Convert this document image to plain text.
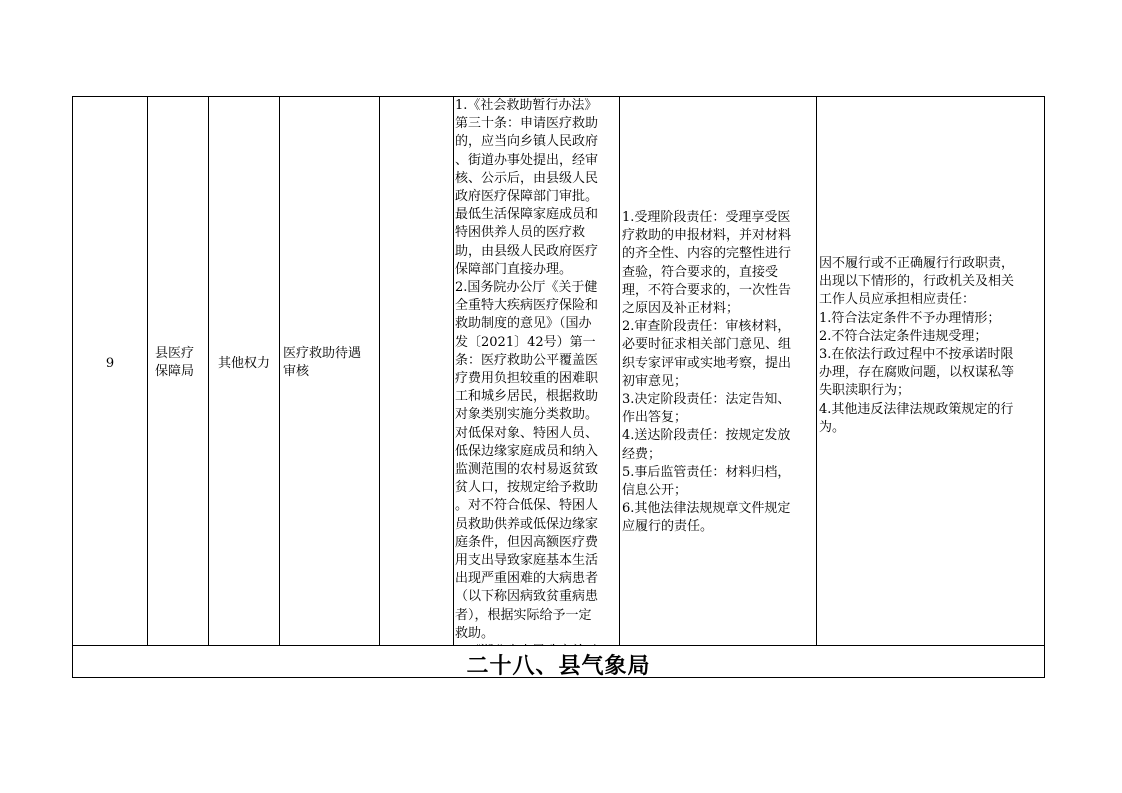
9
县医疗
保障局
其他权力
医疗救助待遇
审核
1.《社会救助暂行办法》
第三十条：申请医疗救助
的，应当向乡镇人民政府
、街道办事处提出，经审
核、公示后，由县级人民
政府医疗保障部门审批。
最低生活保障家庭成员和
特困供养人员的医疗救
助，由县级人民政府医疗
保障部门直接办理。
2.国务院办公厅《关于健
全重特大疾病医疗保险和
救助制度的意见》（国办
发〔2021〕42号）第一
条：医疗救助公平覆盖医
疗费用负担较重的困难职
工和城乡居民，根据救助
对象类别实施分类救助。
对低保对象、特困人员、
低保边缘家庭成员和纳入
监测范围的农村易返贫致
贫人口，按规定给予救助
。对不符合低保、特困人
员救助供养或低保边缘家
庭条件，但因高额医疗费
用支出导致家庭基本生活
出现严重困难的大病患者
（以下称因病致贫重病患
者），根据实际给予一定
救助。
1.受理阶段责任：受理享受医
疗救助的申报材料，并对材料
的齐全性、内容的完整性进行
查验，符合要求的，直接受
理，不符合要求的，一次性告
之原因及补正材料；
2.审查阶段责任：审核材料，
必要时征求相关部门意见、组
织专家评审或实地考察，提出
初审意见；
3.决定阶段责任：法定告知、
作出答复；
4.送达阶段责任：按规定发放
经费；
5.事后监管责任：材料归档，
信息公开；
6.其他法律法规规章文件规定
应履行的责任。
因不履行或不正确履行行政职责，
出现以下情形的，行政机关及相关
工作人员应承担相应责任：
1.符合法定条件不予办理情形；
2.不符合法定条件违规受理；
3.在依法行政过程中不按承诺时限
办理，存在腐败问题，以权谋私等
失职渎职行为；
4.其他违反法律法规政策规定的行
为。
二十八、县气象局
